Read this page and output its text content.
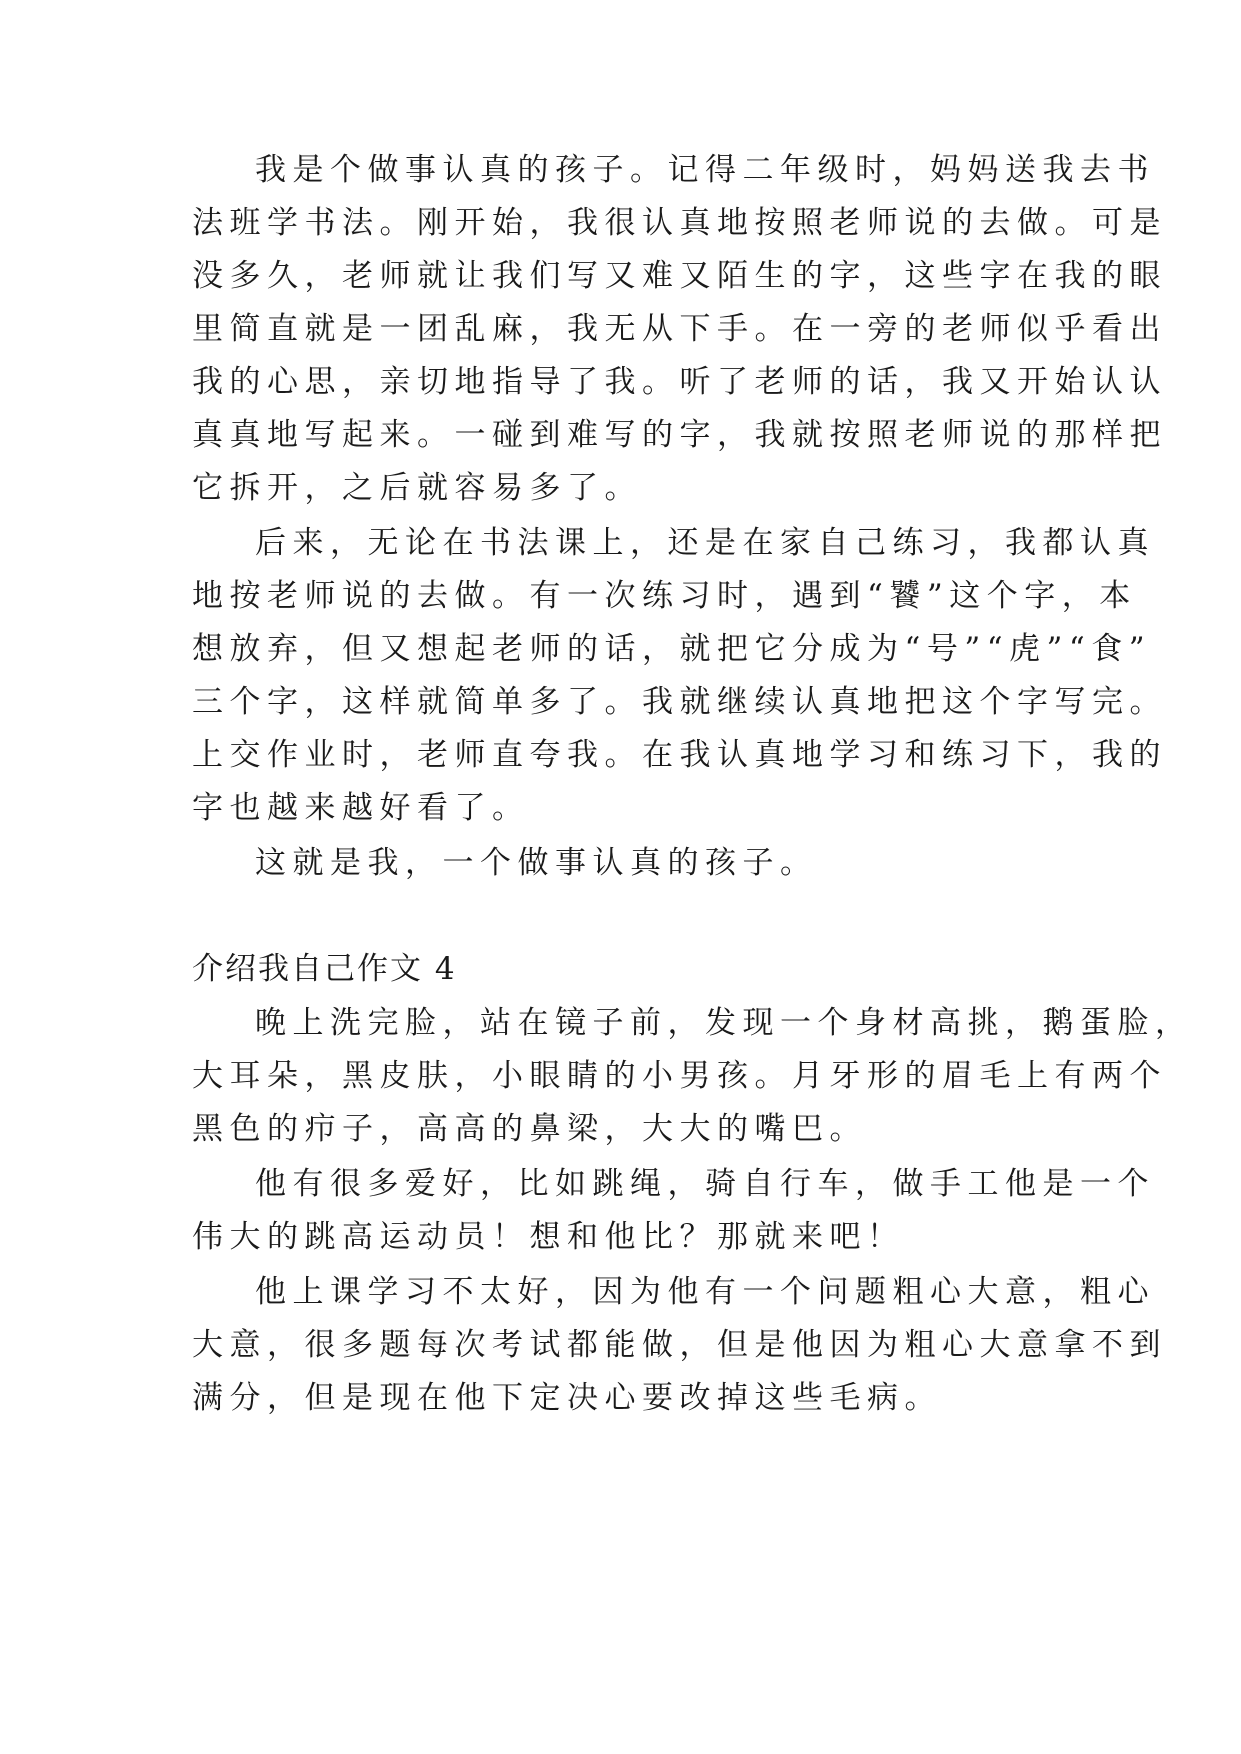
我是个做事认真的孩子。记得二年级时，妈妈送我去书
法班学书法。刚开始，我很认真地按照老师说的去做。可是
没多久，老师就让我们写又难又陌生的字，这些字在我的眼
里简直就是一团乱麻，我无从下手。在一旁的老师似乎看出
我的心思，亲切地指导了我。听了老师的话，我又开始认认
真真地写起来。一碰到难写的字，我就按照老师说的那样把
它拆开，之后就容易多了。
后来，无论在书法课上，还是在家自己练习，我都认真
地按老师说的去做。有一次练习时，遇到“饕”这个字，本
想放弃，但又想起老师的话，就把它分成为“号”“虎”“食”
三个字，这样就简单多了。我就继续认真地把这个字写完。
上交作业时，老师直夸我。在我认真地学习和练习下，我的
字也越来越好看了。
这就是我，一个做事认真的孩子。
介绍我自己作文 4
晚上洗完脸，站在镜子前，发现一个身材高挑，鹅蛋脸，
大耳朵，黑皮肤，小眼睛的小男孩。月牙形的眉毛上有两个
黑色的疖子，高高的鼻梁，大大的嘴巴。
他有很多爱好，比如跳绳，骑自行车，做手工他是一个
伟大的跳高运动员！想和他比？那就来吧！
他上课学习不太好，因为他有一个问题粗心大意，粗心
大意，很多题每次考试都能做，但是他因为粗心大意拿不到
满分，但是现在他下定决心要改掉这些毛病。
